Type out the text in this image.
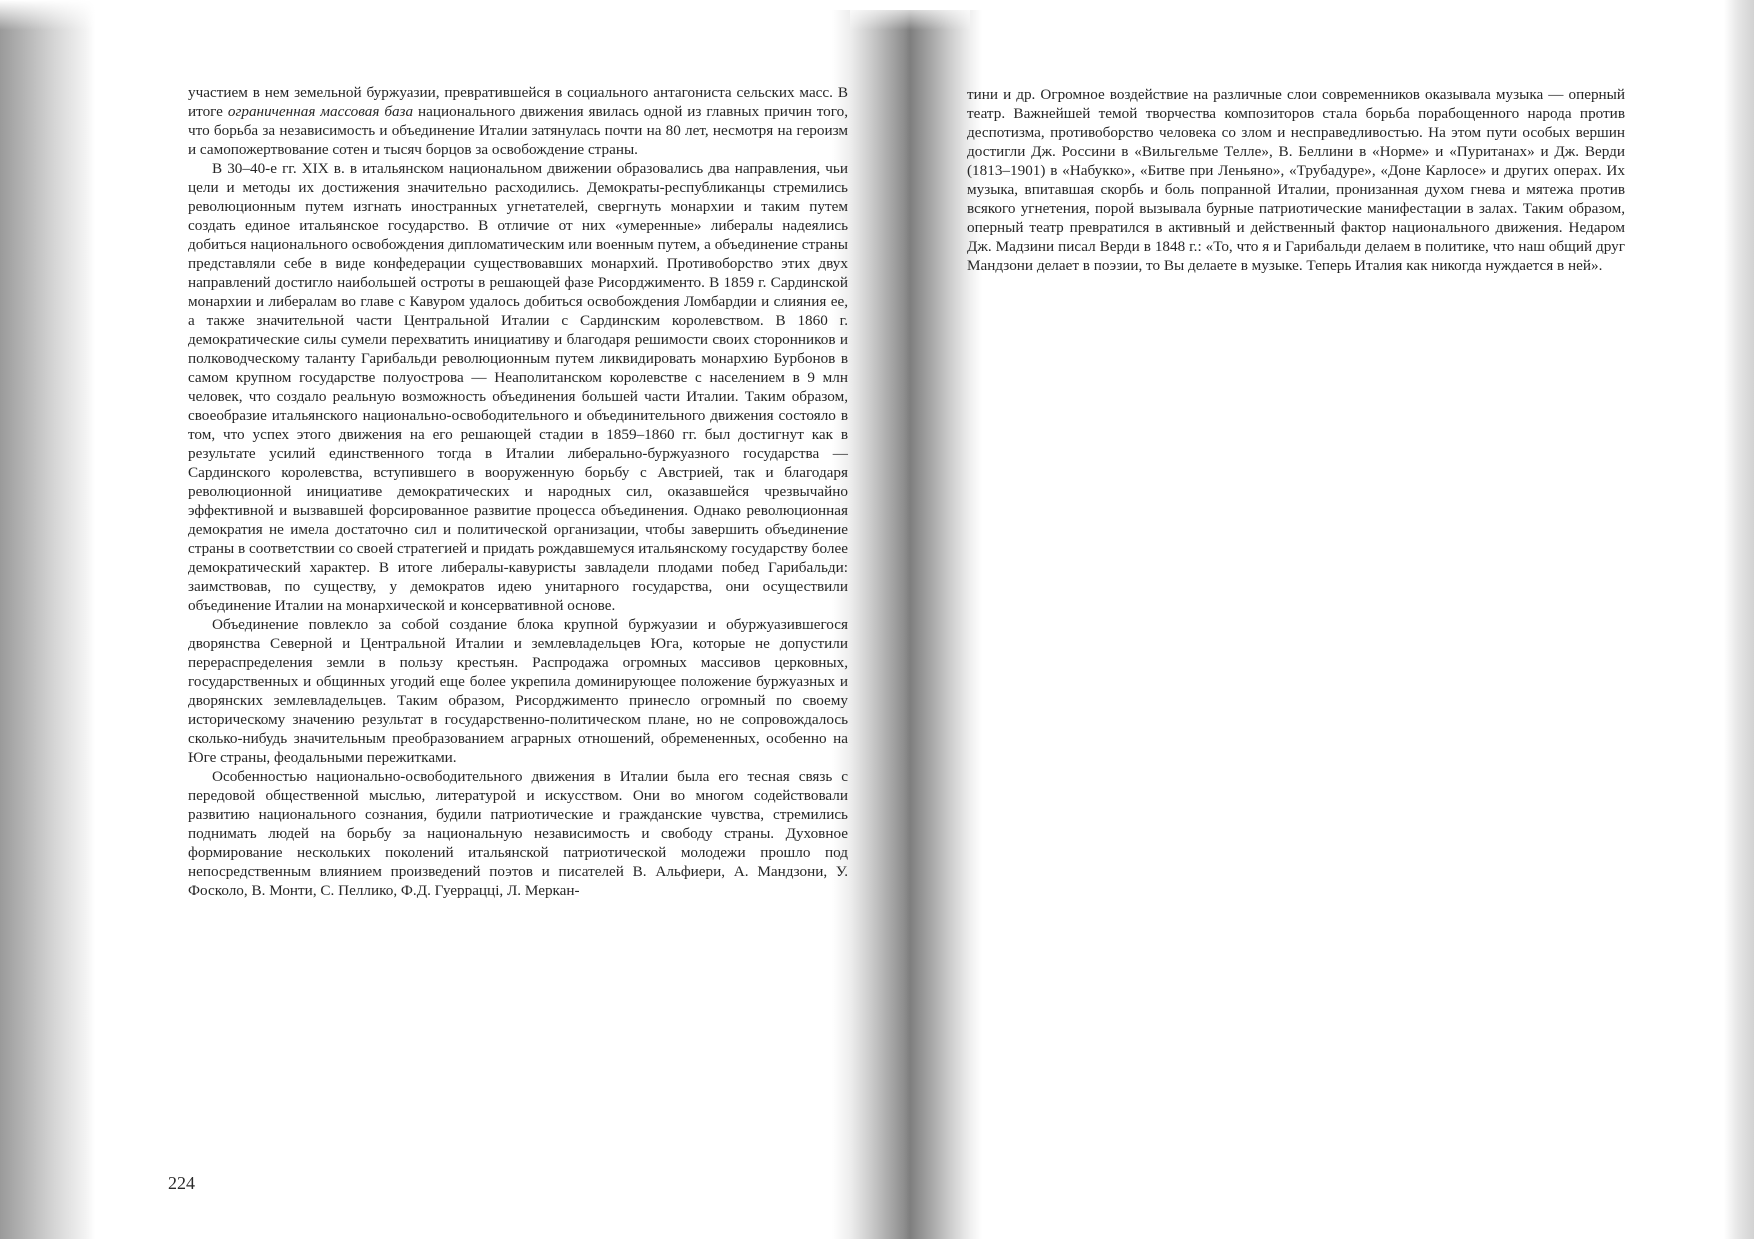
участием в нем земельной буржуазии, превратившейся в социального антагониста сельских масс. В итоге ограниченная массовая база национального движения явилась одной из главных причин того, что борьба за независимость и объединение Италии затянулась почти на 80 лет, несмотря на героизм и самопожертвование сотен и тысяч борцов за освобождение страны.

В 30–40-е гг. XIX в. в итальянском национальном движении образовались два направления, чьи цели и методы их достижения значительно расходились. Демократы-республиканцы стремились революционным путем изгнать иностранных угнетателей, свергнуть монархии и таким путем создать единое итальянское государство. В отличие от них «умеренные» либералы надеялись добиться национального освобождения дипломатическим или военным путем, а объединение страны представляли себе в виде конфедерации существовавших монархий. Противоборство этих двух направлений достигло наибольшей остроты в решающей фазе Рисорджименто. В 1859 г. Сардинской монархии и либералам во главе с Кавуром удалось добиться освобождения Ломбардии и слияния ее, а также значительной части Центральной Италии с Сардинским королевством. В 1860 г. демократические силы сумели перехватить инициативу и благодаря решимости своих сторонников и полководческому таланту Гарибальди революционным путем ликвидировать монархию Бурбонов в самом крупном государстве полуострова — Неаполитанском королевстве с населением в 9 млн человек, что создало реальную возможность объединения большей части Италии. Таким образом, своеобразие итальянского национально-освободительного и объединительного движения состояло в том, что успех этого движения на его решающей стадии в 1859–1860 гг. был достигнут как в результате усилий единственного тогда в Италии либерально-буржуазного государства — Сардинского королевства, вступившего в вооруженную борьбу с Австрией, так и благодаря революционной инициативе демократических и народных сил, оказавшейся чрезвычайно эффективной и вызвавшей форсированное развитие процесса объединения. Однако революционная демократия не имела достаточно сил и политической организации, чтобы завершить объединение страны в соответствии со своей стратегией и придать рождавшемуся итальянскому государству более демократический характер. В итоге либералы-кавуристы завладели плодами побед Гарибальди: заимствовав, по существу, у демократов идею унитарного государства, они осуществили объединение Италии на монархической и консервативной основе.

Объединение повлекло за собой создание блока крупной буржуазии и обуржуазившегося дворянства Северной и Центральной Италии и землевладельцев Юга, которые не допустили перераспределения земли в пользу крестьян. Распродажа огромных массивов церковных, государственных и общинных угодий еще более укрепила доминирующее положение буржуазных и дворянских землевладельцев. Таким образом, Рисорджименто принесло огромный по своему историческому значению результат в государственно-политическом плане, но не сопровождалось сколько-нибудь значительным преобразованием аграрных отношений, обремененных, особенно на Юге страны, феодальными пережитками.

Особенностью национально-освободительного движения в Италии была его тесная связь с передовой общественной мыслью, литературой и искусством. Они во многом содействовали развитию национального сознания, будили патриотические и гражданские чувства, стремились поднимать людей на борьбу за национальную независимость и свободу страны. Духовное формирование нескольких поколений итальянской патриотической молодежи прошло под непосредственным влиянием произведений поэтов и писателей В. Альфиери, А. Мандзони, У. Фосколо, В. Монти, С. Пеллико, Ф.Д. Гуерраццi, Л. Меркан-

224

тини и др. Огромное воздействие на различные слои современников оказывала музыка — оперный театр. Важнейшей темой творчества композиторов стала борьба порабощенного народа против деспотизма, противоборство человека со злом и несправедливостью. На этом пути особых вершин достигли Дж. Россини в «Вильгельме Телле», В. Беллини в «Норме» и «Пуританах» и Дж. Верди (1813–1901) в «Набукко», «Битве при Леньяно», «Трубадуре», «Доне Карлосе» и других операх. Их музыка, впитавшая скорбь и боль попранной Италии, пронизанная духом гнева и мятежа против всякого угнетения, порой вызывала бурные патриотические манифестации в залах. Таким образом, оперный театр превратился в активный и действенный фактор национального движения. Недаром Дж. Мадзини писал Верди в 1848 г.: «То, что я и Гарибальди делаем в политике, что наш общий друг Мандзони делает в поэзии, то Вы делаете в музыке. Теперь Италия как никогда нуждается в ней».
